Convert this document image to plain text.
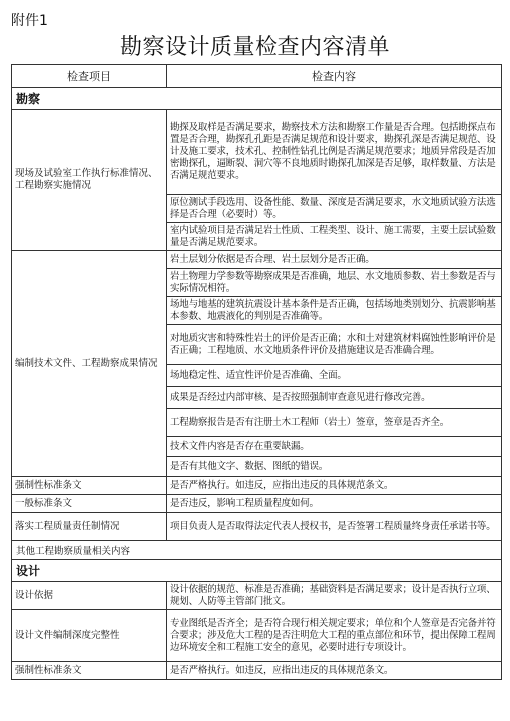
附件1
勘察设计质量检查内容清单
检查项目	检查内容
勘察	
现场及试验室工作执行标准情况、工程勘察实施情况	勘探及取样是否满足要求，勘察技术方法和勘察工作量是否合理。包括勘探点布置是否合理，勘探孔孔距是否满足规范和设计要求，勘探孔深是否满足规范、设计及施工要求，技术孔、控制性钻孔比例是否满足规范要求；地质异常段是否加密勘探孔，逼断裂、洞穴等不良地质时勘探孔加深是否足够，取样数量、方法是否满足规范要求。
	原位测试手段选用、设备性能、数量、深度是否满足要求，水文地质试验方法选择是否合理（必要时）等。
	室内试验项目是否满足岩土性质、工程类型、设计、施工需要，主要土层试验数量是否满足规范要求。
编制技术文件、工程勘察成果情况	岩土层划分依据是否合理、岩土层划分是否正确。
	岩土物理力学参数等勘察成果是否准确，地层、水文地质参数、岩土参数是否与实际情况相符。
	场地与地基的建筑抗震设计基本条件是否正确，包括场地类别划分、抗震影响基本参数、地震液化的判别是否准确等。
	对地质灾害和特殊性岩土的评价是否正确；水和土对建筑材料腐蚀性影响评价是否正确；工程地质、水文地质条件评价及措施建议是否准确合理。
	场地稳定性、适宜性评价是否准确、全面。
	成果是否经过内部审核、是否按照强制审查意见进行修改完善。
	工程勘察报告是否有注册土木工程师（岩土）签章，签章是否齐全。
	技术文件内容是否存在重要缺漏。
	是否有其他文字、数据、图纸的错误。
强制性标准条文	是否严格执行。如违反，应指出违反的具体规范条文。
一般标准条文	是否违反，影响工程质量程度如何。
落实工程质量责任制情况	项目负责人是否取得法定代表人授权书，是否签署工程质量终身责任承诺书等。
其他工程勘察质量相关内容	
设计	
设计依据	设计依据的规范、标准是否准确；基础资料是否满足要求；设计是否执行立项、规划、人防等主管部门批文。
设计文件编制深度完整性	专业图纸是否齐全；是否符合现行相关规定要求；单位和个人签章是否完备并符合要求；涉及危大工程的是否注明危大工程的重点部位和环节，提出保障工程周边环境安全和工程施工安全的意见，必要时进行专项设计。
强制性标准条文	是否严格执行。如违反，应指出违反的具体规范条文。
